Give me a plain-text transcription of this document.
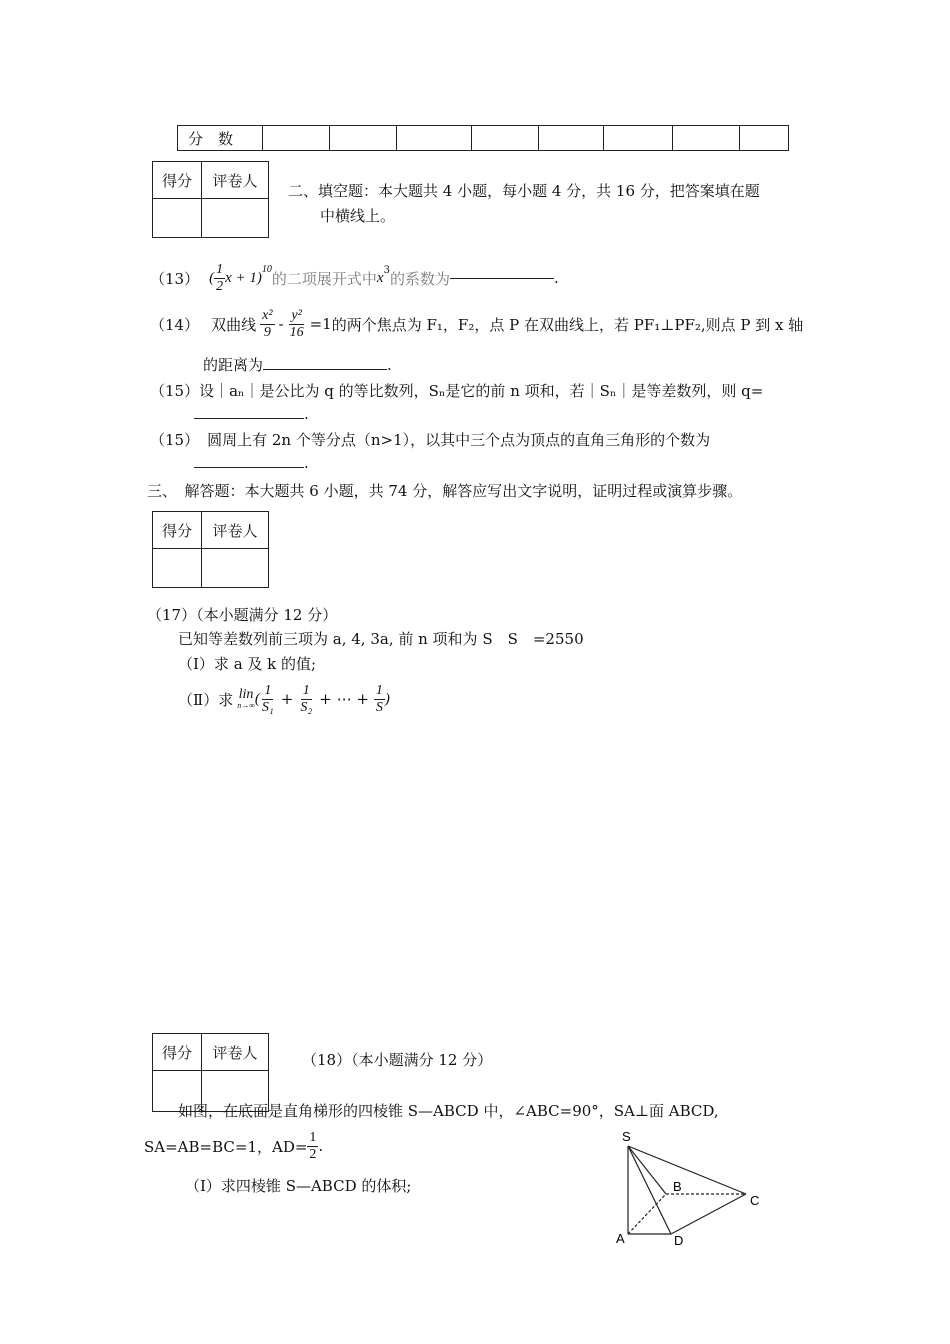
分　数								
得分	评卷人

二、填空题：本大题共 4 小题，每小题 4 分，共 16 分，把答案填在题
中横线上。
（13） ( $\frac{1}{2}$ x + 1)
$^{10}$
的二项展开式中 $x^3$ 的系数为	.
（14） 双曲线 $\frac{\text{x²}}{9} - \frac{\text{y²}}{16} =1$ 的两个焦点为 F₁，F₂，点 P 在双曲线上，若 PF₁⊥PF₂,则点 P 到 x 轴
的距离为	.
（15）设｜aₙ｜是公比为 q 的等比数列，Sₙ是它的前 n 项和，若｜Sₙ｜是等差数列，则 q=
.
（15） 圆周上有 2n 个等分点（n>1），以其中三个点为顶点的直角三角形的个数为
.
三、　解答题：本大题共 6 小题，共 74 分，解答应写出文字说明，证明过程或演算步骤。
得分	评卷人

（17）（本小题满分 12 分）
已知等差数列前三项为 a, 4, 3a, 前 n 项和为 S　S　=2550
（Ⅰ）求 a 及 k 的值;
（Ⅱ）求 lin
n→∞ ( $\frac{1}{\text{S₁}} + \frac{1}{\text{S₂}}$ + ⋯ + $\frac{1}{S}$ )
得分	评卷人
		（18）（本小题满分 12 分）
如图，在底面是直角梯形的四棱锥 S—ABCD 中，∠ABC=90°，SA⊥面 ABCD,
SA=AB=BC=1，$AD= \frac{1}{2}$ .
（Ⅰ）求四棱锥 S—ABCD 的体积;
S
A
B
C
D
